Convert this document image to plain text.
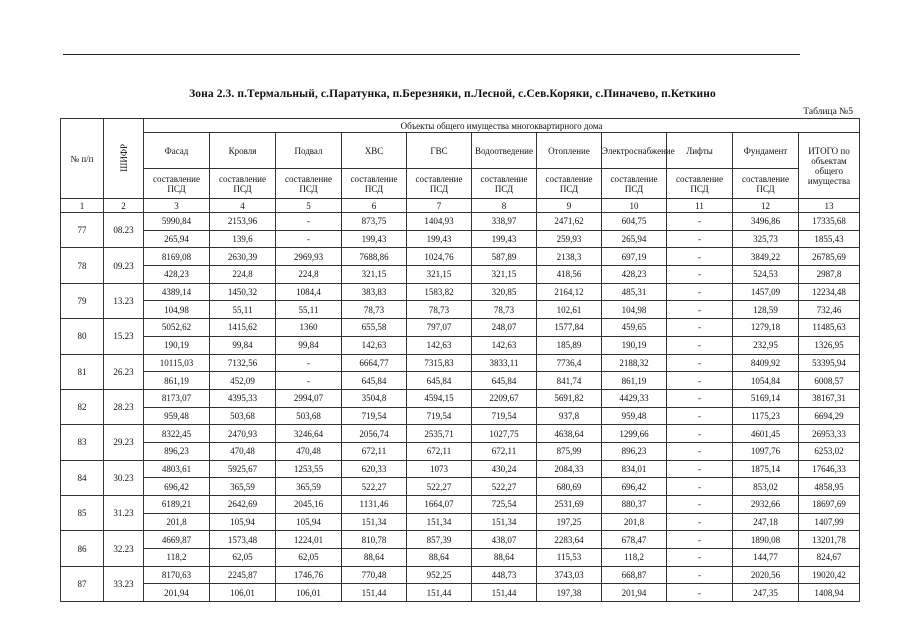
Зона 2.3. п.Термальный, с.Паратунка, п.Березняки, п.Лесной, с.Сев.Коряки, с.Пиначево, п.Кеткино
Таблица №5
№ п/п	ШИФР	Объекты общего имущества многоквартирного дома										
		Фасад	Кровля	Подвал	ХВС	ГВС	Водоотведение	Отопление	Электроснабжение	Лифты	Фундамент	ИТОГО по объектам общего имущества
		составление ПСД	составление ПСД	составление ПСД	составление ПСД	составление ПСД	составление ПСД	составление ПСД	составление ПСД	составление ПСД	составление ПСД	
1	2	3	4	5	6	7	8	9	10	11	12	13
77	08.23	5990,84	2153,96	-	873,75	1404,93	338,97	2471,62	604,75	-	3496,86	17335,68
		265,94	139,6	-	199,43	199,43	199,43	259,93	265,94	-	325,73	1855,43
78	09.23	8169,08	2630,39	2969,93	7688,86	1024,76	587,89	2138,3	697,19	-	3849,22	26785,69
		428,23	224,8	224,8	321,15	321,15	321,15	418,56	428,23	-	524,53	2987,8
79	13.23	4389,14	1450,32	1084,4	383,83	1583,82	320,85	2164,12	485,31	-	1457,09	12234,48
		104,98	55,11	55,11	78,73	78,73	78,73	102,61	104,98	-	128,59	732,46
80	15.23	5052,62	1415,62	1360	655,58	797,07	248,07	1577,84	459,65	-	1279,18	11485,63
		190,19	99,84	99,84	142,63	142,63	142,63	185,89	190,19	-	232,95	1326,95
81	26.23	10115,03	7132,56	-	6664,77	7315,83	3833,11	7736,4	2188,32	-	8409,92	53395,94
		861,19	452,09	-	645,84	645,84	645,84	841,74	861,19	-	1054,84	6008,57
82	28.23	8173,07	4395,33	2994,07	3504,8	4594,15	2209,67	5691,82	4429,33	-	5169,14	38167,31
		959,48	503,68	503,68	719,54	719,54	719,54	937,8	959,48	-	1175,23	6694,29
83	29.23	8322,45	2470,93	3246,64	2056,74	2535,71	1027,75	4638,64	1299,66	-	4601,45	26953,33
		896,23	470,48	470,48	672,11	672,11	672,11	875,99	896,23	-	1097,76	6253,02
84	30.23	4803,61	5925,67	1253,55	620,33	1073	430,24	2084,33	834,01	-	1875,14	17646,33
		696,42	365,59	365,59	522,27	522,27	522,27	680,69	696,42	-	853,02	4858,95
85	31.23	6189,21	2642,69	2045,16	1131,46	1664,07	725,54	2531,69	880,37	-	2932,66	18697,69
		201,8	105,94	105,94	151,34	151,34	151,34	197,25	201,8	-	247,18	1407,99
86	32.23	4669,87	1573,48	1224,01	810,78	857,39	438,07	2283,64	678,47	-	1890,08	13201,78
		118,2	62,05	62,05	88,64	88,64	88,64	115,53	118,2	-	144,77	824,67
87	33.23	8170,63	2245,87	1746,76	770,48	952,25	448,73	3743,03	668,87	-	2020,56	19020,42
		201,94	106,01	106,01	151,44	151,44	151,44	197,38	201,94	-	247,35	1408,94
